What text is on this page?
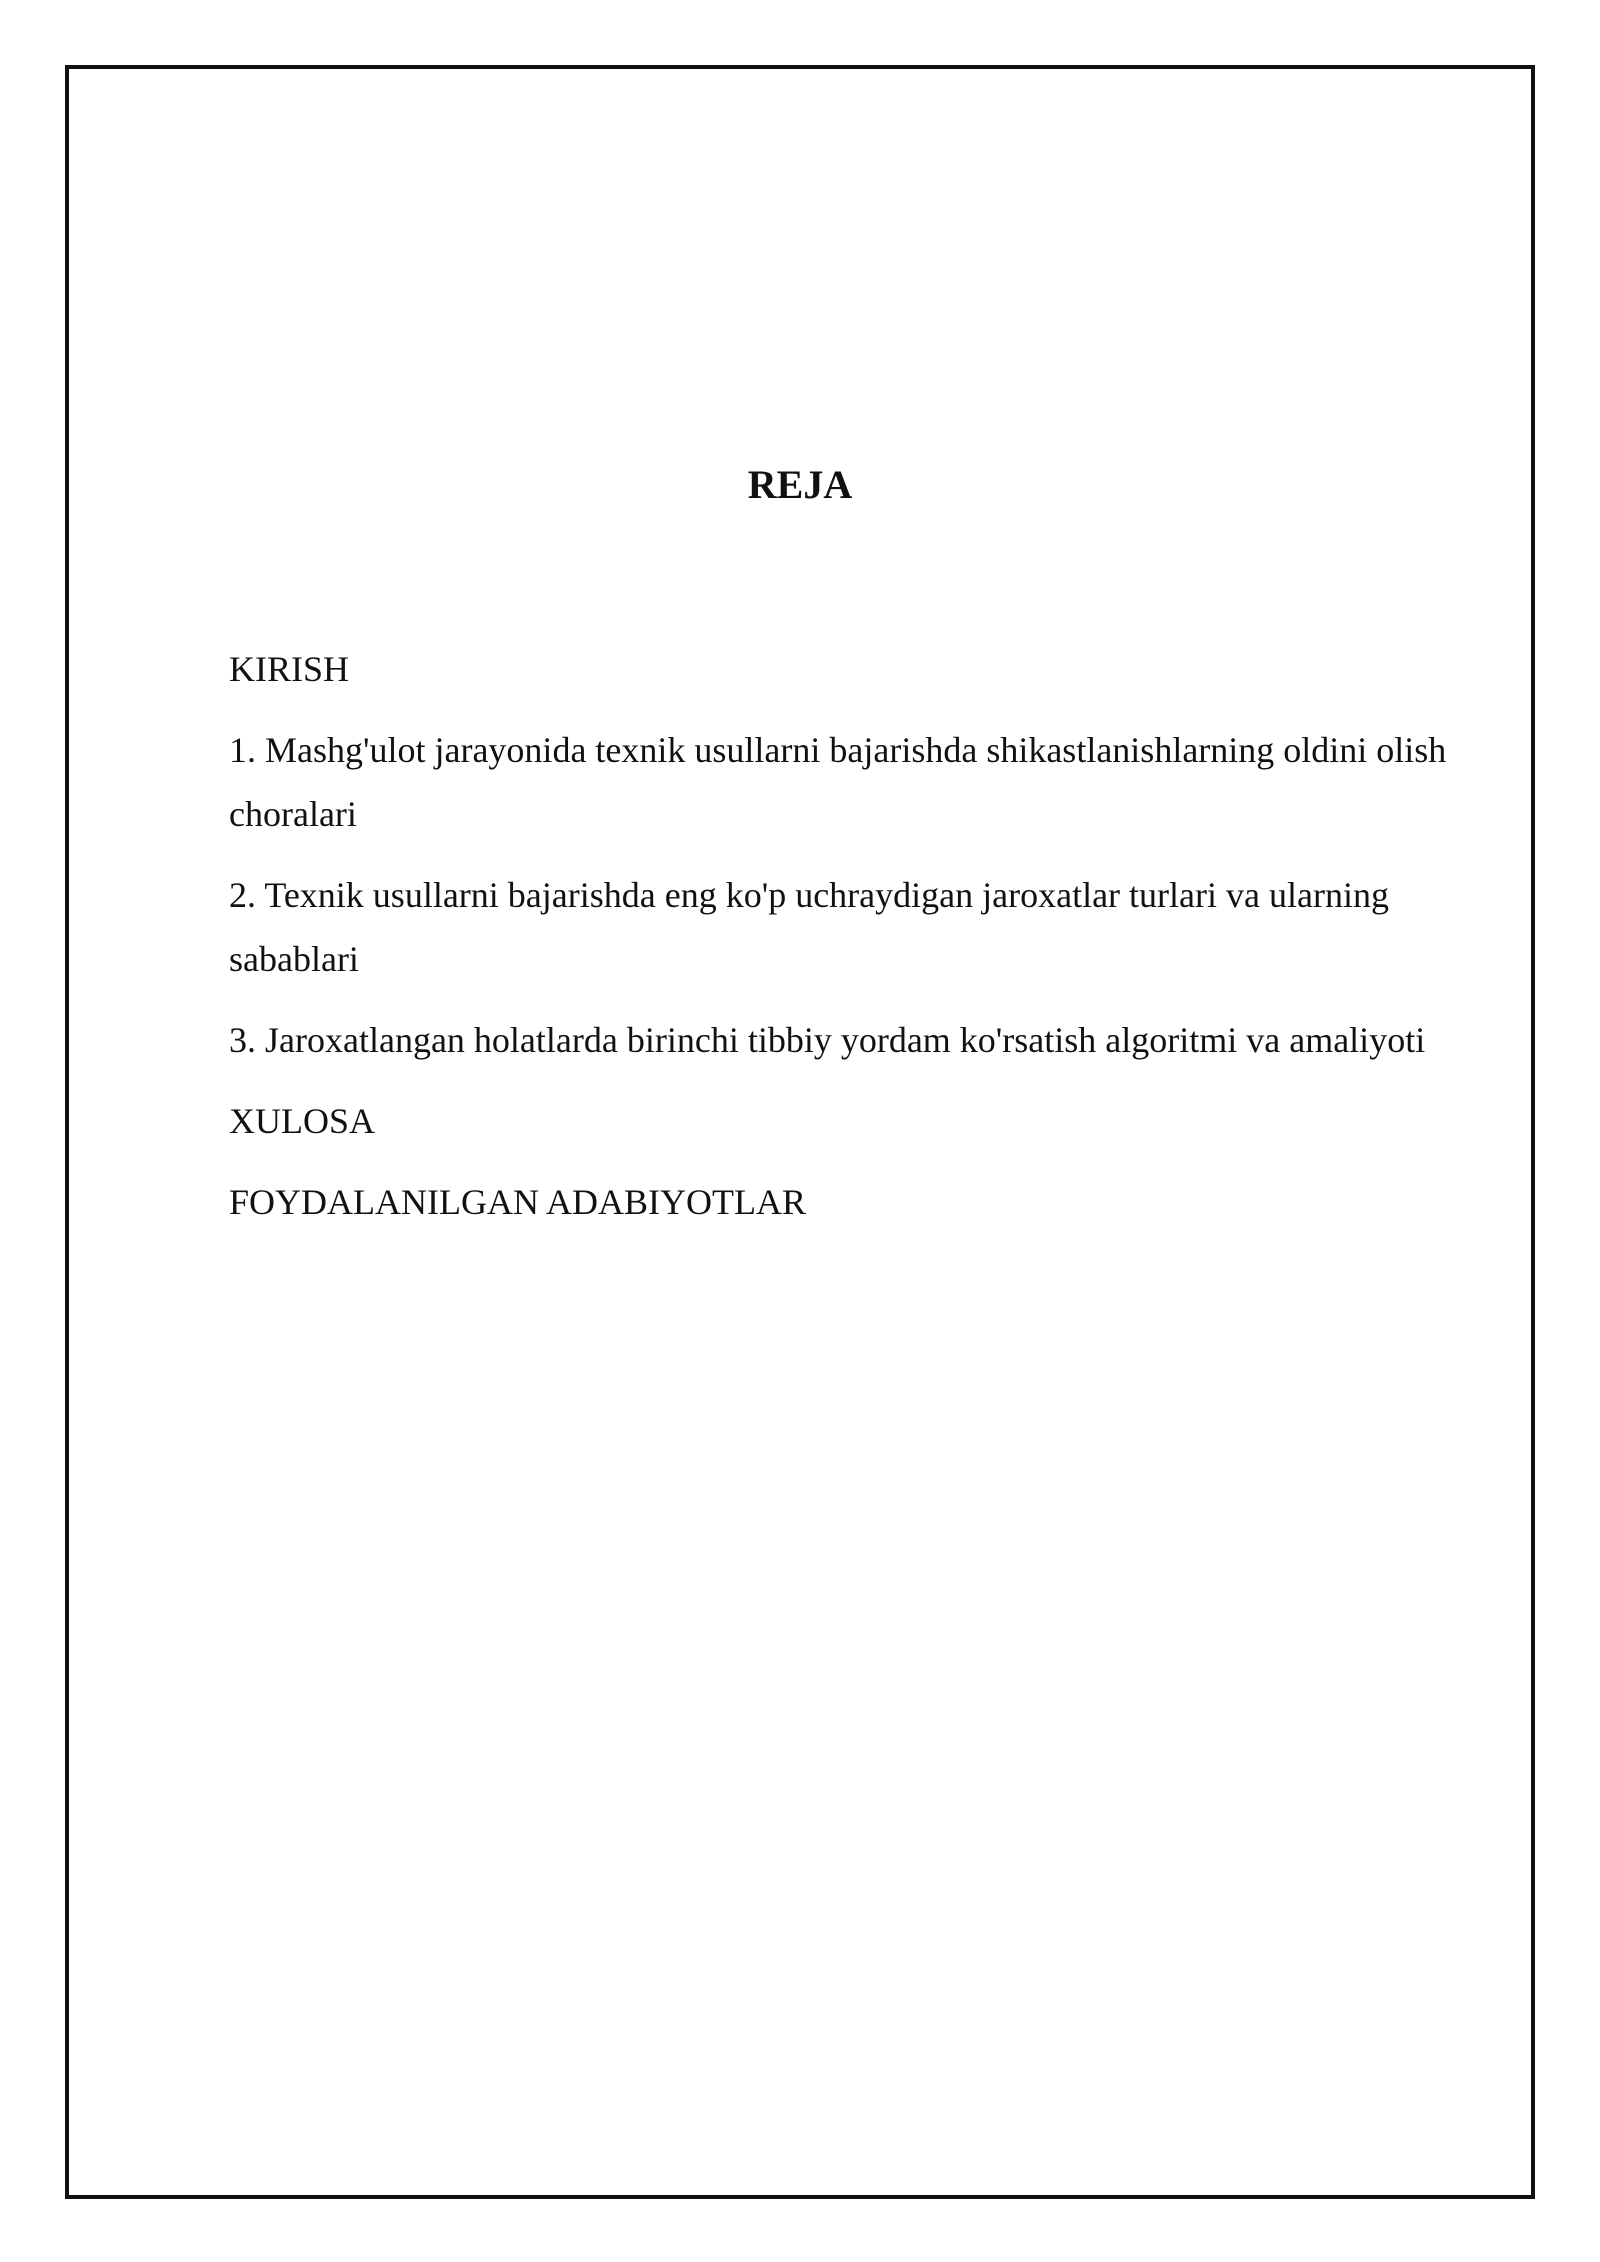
REJA
KIRISH
1. Mashg'ulot jarayonida texnik usullarni bajarishda shikastlanishlarning oldini olish choralari
2. Texnik usullarni bajarishda eng ko'p uchraydigan jaroxatlar turlari va ularning sabablari
3. Jaroxatlangan holatlarda birinchi tibbiy yordam ko'rsatish algoritmi va amaliyoti
XULOSA
FOYDALANILGAN ADABIYOTLAR
